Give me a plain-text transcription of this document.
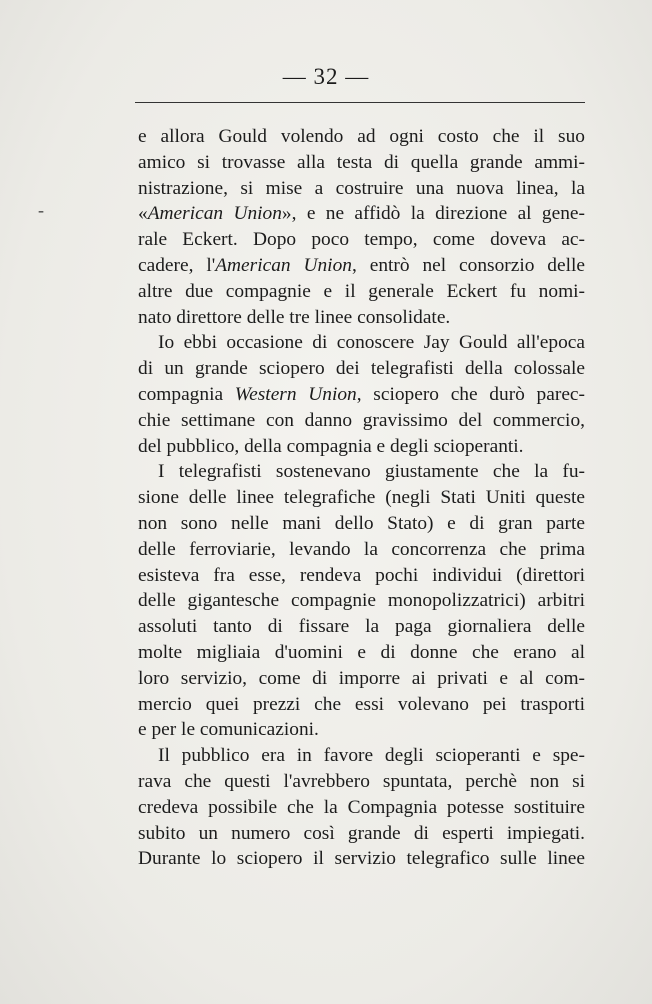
— 32 —
-
e allora Gould volendo ad ogni costo che il suo
amico si trovasse alla testa di quella grande ammi-
nistrazione, si mise a costruire una nuova linea, la
«American Union», e ne affidò la direzione al gene-
rale Eckert. Dopo poco tempo, come doveva ac-
cadere, l'American Union, entrò nel consorzio delle
altre due compagnie e il generale Eckert fu nomi-
nato direttore delle tre linee consolidate.
Io ebbi occasione di conoscere Jay Gould all'epoca
di un grande sciopero dei telegrafisti della colossale
compagnia Western Union, sciopero che durò parec-
chie settimane con danno gravissimo del commercio,
del pubblico, della compagnia e degli scioperanti.
I telegrafisti sostenevano giustamente che la fu-
sione delle linee telegrafiche (negli Stati Uniti queste
non sono nelle mani dello Stato) e di gran parte
delle ferroviarie, levando la concorrenza che prima
esisteva fra esse, rendeva pochi individui (direttori
delle gigantesche compagnie monopolizzatrici) arbitri
assoluti tanto di fissare la paga giornaliera delle
molte migliaia d'uomini e di donne che erano al
loro servizio, come di imporre ai privati e al com-
mercio quei prezzi che essi volevano pei trasporti
e per le comunicazioni.
Il pubblico era in favore degli scioperanti e spe-
rava che questi l'avrebbero spuntata, perchè non si
credeva possibile che la Compagnia potesse sostituire
subito un numero così grande di esperti impiegati.
Durante lo sciopero il servizio telegrafico sulle linee
